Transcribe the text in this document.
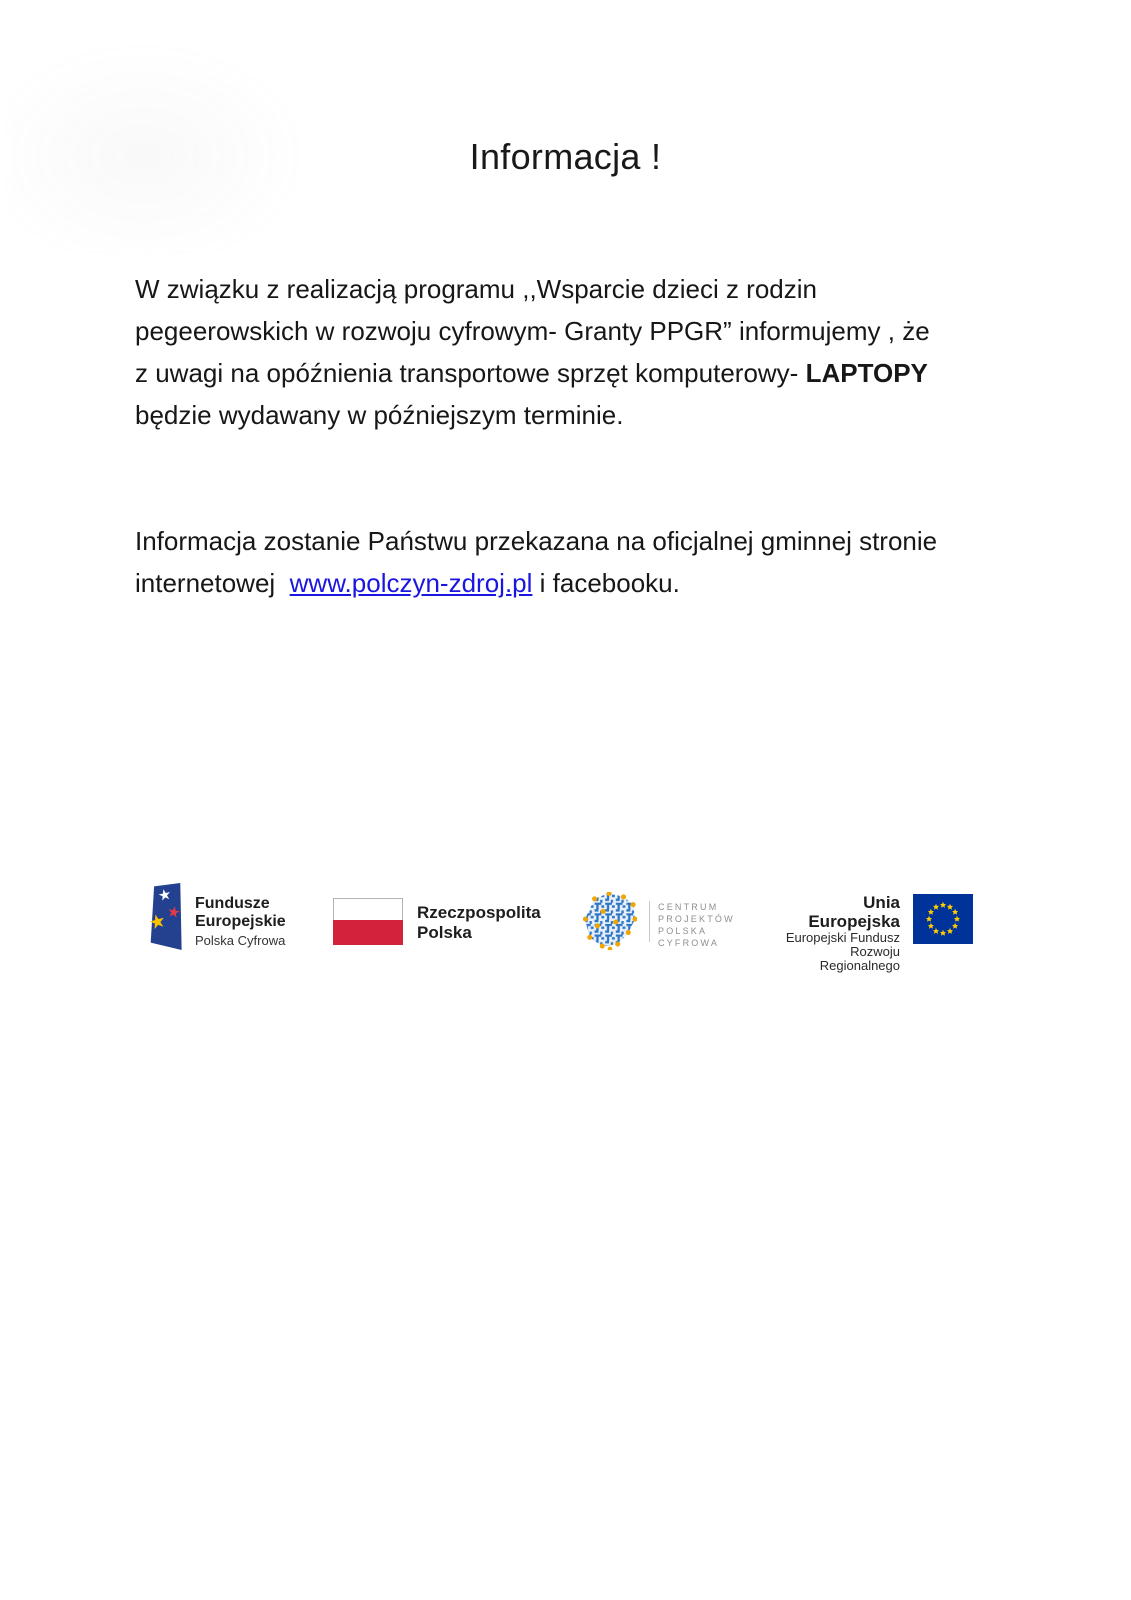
Informacja !
W związku z realizacją programu ,,Wsparcie dzieci z rodzin
pegeerowskich w rozwoju cyfrowym- Granty PPGR” informujemy , że
z uwagi na opóźnienia transportowe sprzęt komputerowy- LAPTOPY
będzie wydawany w późniejszym terminie.
Informacja zostanie Państwu przekazana na oficjalnej gminnej stronie
internetowej  www.polczyn-zdroj.pl i facebooku.
★
★
★
Fundusze
Europejskie
Polska Cyfrowa
Rzeczpospolita
Polska
CENTRUM
PROJEKTÓW
POLSKA
CYFROWA
Unia Europejska
Europejski Fundusz
Rozwoju Regionalnego
